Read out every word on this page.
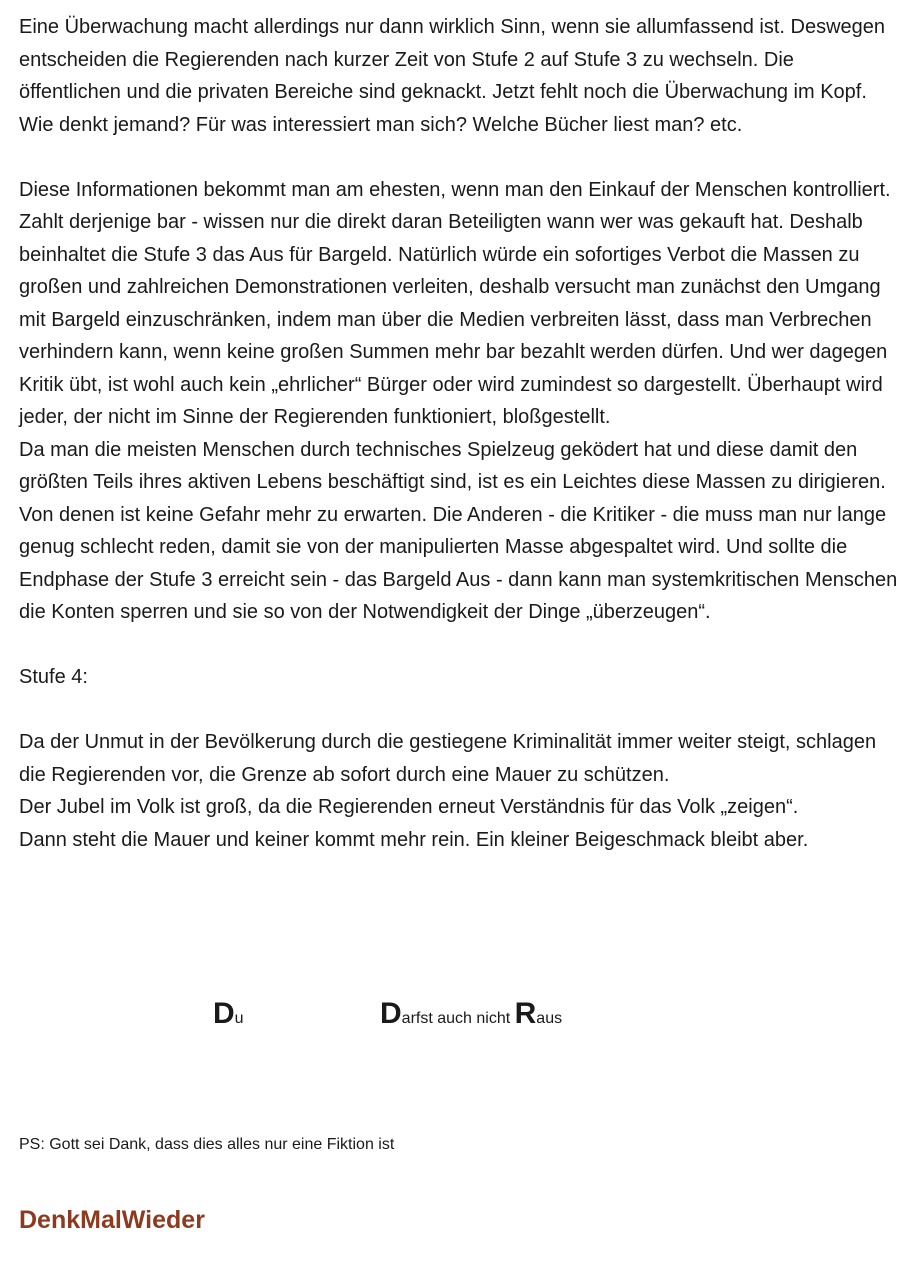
Eine Überwachung macht allerdings nur dann wirklich Sinn, wenn sie allumfassend ist. Deswegen entscheiden die Regierenden nach kurzer Zeit von Stufe 2 auf Stufe 3 zu wechseln. Die öffentlichen und die privaten Bereiche sind geknackt. Jetzt fehlt noch die Überwachung im Kopf.

Wie denkt jemand? Für was interessiert man sich? Welche Bücher liest man? etc.

Diese Informationen bekommt man am ehesten, wenn man den Einkauf der Menschen kontrolliert. Zahlt derjenige bar - wissen nur die direkt daran Beteiligten wann wer was gekauft hat. Deshalb beinhaltet die Stufe 3 das Aus für Bargeld. Natürlich würde ein sofortiges Verbot die Massen zu großen und zahlreichen Demonstrationen verleiten, deshalb versucht man zunächst den Umgang mit Bargeld einzuschränken, indem man über die Medien verbreiten lässt, dass man Verbrechen verhindern kann, wenn keine großen Summen mehr bar bezahlt werden dürfen. Und wer dagegen Kritik übt, ist wohl auch kein „ehrlicher“ Bürger oder wird zumindest so dargestellt. Überhaupt wird jeder, der nicht im Sinne der Regierenden funktioniert, bloßgestellt.

Da man die meisten Menschen durch technisches Spielzeug geködert hat und diese damit den größten Teils ihres aktiven Lebens beschäftigt sind, ist es ein Leichtes diese Massen zu dirigieren. Von denen ist keine Gefahr mehr zu erwarten. Die Anderen - die Kritiker - die muss man nur lange genug schlecht reden, damit sie von der manipulierten Masse abgespaltet wird. Und sollte die Endphase der Stufe 3 erreicht sein - das Bargeld Aus - dann kann man systemkritischen Menschen die Konten sperren und sie so von der Notwendigkeit der Dinge „überzeugen“.

Stufe 4:

Da der Unmut in der Bevölkerung durch die gestiegene Kriminalität immer weiter steigt, schlagen die Regierenden vor, die Grenze ab sofort durch eine Mauer zu schützen.

Der Jubel im Volk ist groß, da die Regierenden erneut Verständnis für das Volk „zeigen“.

Dann steht die Mauer und keiner kommt mehr rein. Ein kleiner Beigeschmack bleibt aber.

Du	Darfst auch nicht Raus
PS: Gott sei Dank, dass dies alles nur eine Fiktion ist
DenkMalWieder
